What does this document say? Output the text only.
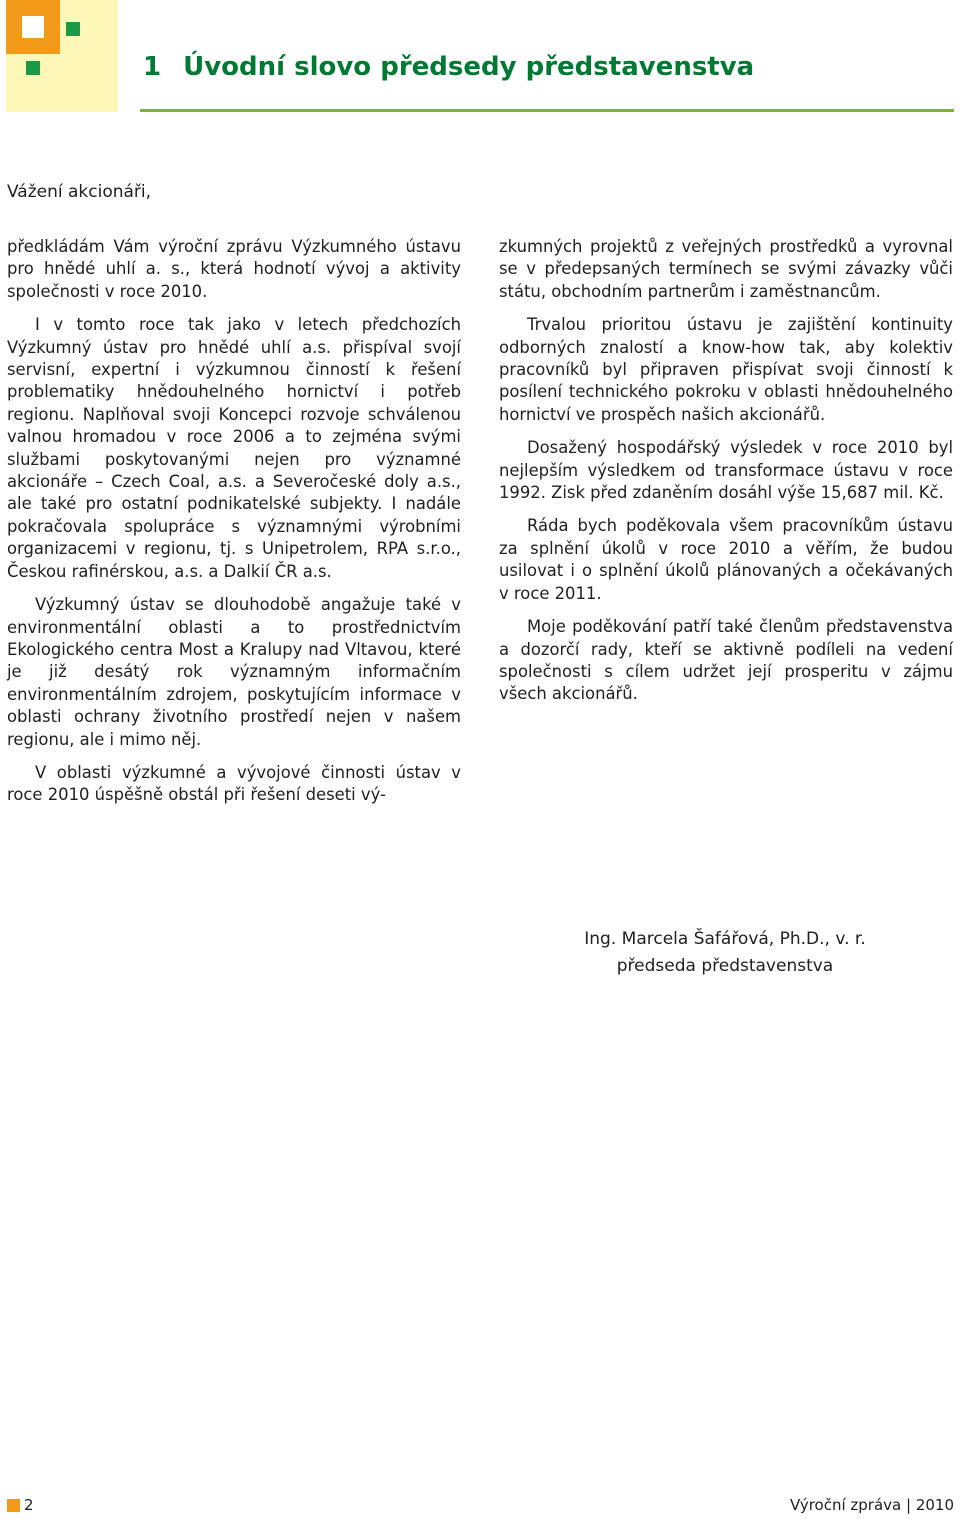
1 Úvodní slovo předsedy představenstva

Vážení akcionáři,

předkládám Vám výroční zprávu Výzkumného ústavu pro hnědé uhlí a. s., která hodnotí vývoj a aktivity společnosti v roce 2010.

I v tomto roce tak jako v letech předchozích Výzkumný ústav pro hnědé uhlí a.s. přispíval svojí servisní, expertní i výzkumnou činností k řešení problematiky hnědouhelného hornictví i potřeb regionu. Naplňoval svoji Koncepci rozvoje schválenou valnou hromadou v roce 2006 a to zejména svými službami poskytovanými nejen pro významné akcionáře – Czech Coal, a.s. a Severočeské doly a.s., ale také pro ostatní podnikatelské subjekty. I nadále pokračovala spolupráce s významnými výrobními organizacemi v regionu, tj. s Unipetrolem, RPA s.r.o., Českou rafinérskou, a.s. a Dalkií ČR a.s.

Výzkumný ústav se dlouhodobě angažuje také v environmentální oblasti a to prostřednictvím Ekologického centra Most a Kralupy nad Vltavou, které je již desátý rok významným informačním environmentálním zdrojem, poskytujícím informace v oblasti ochrany životního prostředí nejen v našem regionu, ale i mimo něj.

V oblasti výzkumné a vývojové činnosti ústav v roce 2010 úspěšně obstál při řešení deseti vý-

zkumných projektů z veřejných prostředků a vyrovnal se v předepsaných termínech se svými závazky vůči státu, obchodním partnerům i zaměstnancům.

Trvalou prioritou ústavu je zajištění kontinuity odborných znalostí a know-how tak, aby kolektiv pracovníků byl připraven přispívat svoji činností k posílení technického pokroku v oblasti hnědouhelného hornictví ve prospěch našich akcionářů.

Dosažený hospodářský výsledek v roce 2010 byl nejlepším výsledkem od transformace ústavu v roce 1992. Zisk před zdaněním dosáhl výše 15,687 mil. Kč.

Ráda bych poděkovala všem pracovníkům ústavu za splnění úkolů v roce 2010 a věřím, že budou usilovat i o splnění úkolů plánovaných a očekávaných v roce 2011.

Moje poděkování patří také členům představenstva a dozorčí rady, kteří se aktivně podíleli na vedení společnosti s cílem udržet její prosperitu v zájmu všech akcionářů.

Ing. Marcela Šafářová, Ph.D., v. r.
předseda představenstva
2	Výroční zpráva | 2010
